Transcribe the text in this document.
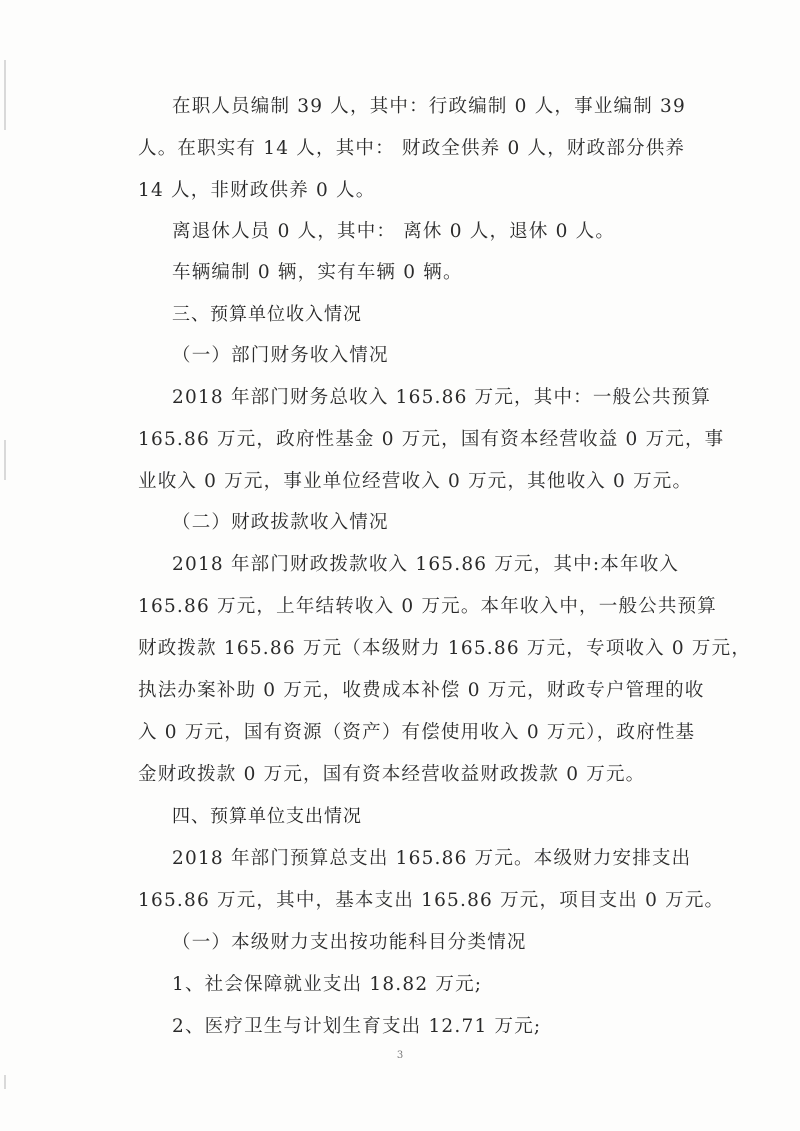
在职人员编制 39 人，其中：行政编制 0 人，事业编制 39
人。在职实有 14 人，其中： 财政全供养 0 人，财政部分供养
14 人，非财政供养 0 人。
离退休人员 0 人，其中： 离休 0 人，退休 0 人。
车辆编制 0 辆，实有车辆 0 辆。
三、预算单位收入情况
（一）部门财务收入情况
2018 年部门财务总收入 165.86 万元，其中：一般公共预算
165.86 万元，政府性基金 0 万元，国有资本经营收益 0 万元，事
业收入 0 万元，事业单位经营收入 0 万元，其他收入 0 万元。
（二）财政拔款收入情况
2018 年部门财政拨款收入 165.86 万元，其中:本年收入
165.86 万元，上年结转收入 0 万元。本年收入中，一般公共预算
财政拨款 165.86 万元（本级财力 165.86 万元，专项收入 0 万元，
执法办案补助 0 万元，收费成本补偿 0 万元，财政专户管理的收
入 0 万元，国有资源（资产）有偿使用收入 0 万元），政府性基
金财政拨款 0 万元，国有资本经营收益财政拨款 0 万元。
四、预算单位支出情况
2018 年部门预算总支出 165.86 万元。本级财力安排支出
165.86 万元，其中，基本支出 165.86 万元，项目支出 0 万元。
（一）本级财力支出按功能科目分类情况
1、社会保障就业支出 18.82 万元;
2、医疗卫生与计划生育支出 12.71 万元;
3
